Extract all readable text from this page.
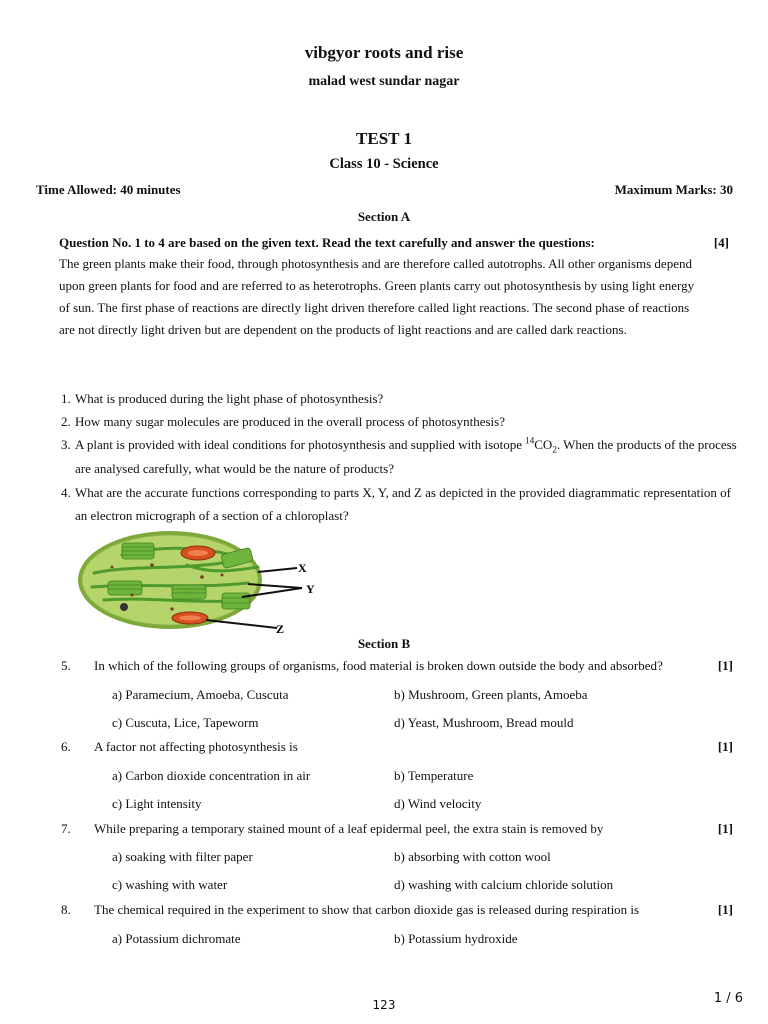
vibgyor roots and rise
malad west sundar nagar
TEST 1
Class 10 - Science
Time Allowed: 40 minutes	Maximum Marks: 30
Section A
Question No. 1 to 4 are based on the given text. Read the text carefully and answer the questions:	[4]
The green plants make their food, through photosynthesis and are therefore called autotrophs. All other organisms depend upon green plants for food and are referred to as heterotrophs. Green plants carry out photosynthesis by using light energy of sun. The first phase of reactions are directly light driven therefore called light reactions. The second phase of reactions are not directly light driven but are dependent on the products of light reactions and are called dark reactions.
1. What is produced during the light phase of photosynthesis?
2. How many sugar molecules are produced in the overall process of photosynthesis?
3. A plant is provided with ideal conditions for photosynthesis and supplied with isotope $^{14}CO_2$. When the products of the process are analysed carefully, what would be the nature of products?
4. What are the accurate functions corresponding to parts X, Y, and Z as depicted in the provided diagrammatic representation of an electron micrograph of a section of a chloroplast?
X
Y
Z
Section B
5. In which of the following groups of organisms, food material is broken down outside the body and absorbed?	[1]
a) Paramecium, Amoeba, Cuscuta	b) Mushroom, Green plants, Amoeba
c) Cuscuta, Lice, Tapeworm	d) Yeast, Mushroom, Bread mould
6. A factor not affecting photosynthesis is	[1]
a) Carbon dioxide concentration in air	b) Temperature
c) Light intensity	d) Wind velocity
7. While preparing a temporary stained mount of a leaf epidermal peel, the extra stain is removed by	[1]
a) soaking with filter paper	b) absorbing with cotton wool
c) washing with water	d) washing with calcium chloride solution
8. The chemical required in the experiment to show that carbon dioxide gas is released during respiration is	[1]
a) Potassium dichromate	b) Potassium hydroxide
123	1 / 6
